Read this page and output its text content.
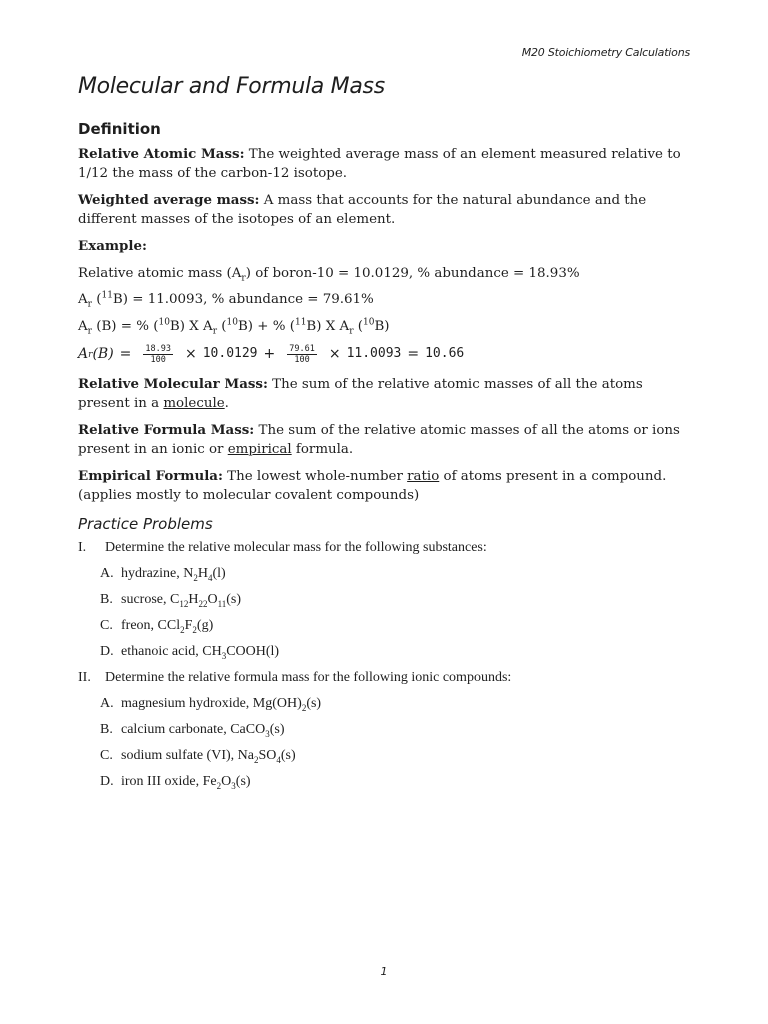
M20 Stoichiometry Calculations
Molecular and Formula Mass
Definition

Relative Atomic Mass: The weighted average mass of an element measured relative to 1/12 the mass of the carbon-12 isotope.

Weighted average mass: A mass that accounts for the natural abundance and the different masses of the isotopes of an element.

Example:

Relative atomic mass $(A_r)$ of boron-10 = 10.0129, % abundance = 18.93%

$A_r$ ($^{11}$B) = 11.0093, % abundance = 79.61%

$A_r$ (B) = % ($^{10}$B) X $A_r$ ($^{10}$B) + % ($^{11}$B) X $A_r$ ($^{10}$B)

A r $(B) = \frac{18.93}{100} \times 10.0129 + \frac{79.61}{100} \times 11.0093 = 10.66$

Relative Molecular Mass: The sum of the relative atomic masses of all the atoms present in a molecule.

Relative Formula Mass: The sum of the relative atomic masses of all the atoms or ions present in an ionic or empirical formula.

Empirical Formula: The lowest whole-number ratio of atoms present in a compound. (applies mostly to molecular covalent compounds)

Practice Problems
I.	Determine the relative molecular mass for the following substances:
A. hydrazine, $N_2H_4(l)$
B. sucrose, $C_{12}H_{22}O_{11}(s)$
C. freon, $CCl_2F_2(g)$
D. ethanoic acid, $CH_3COOH(l)$
II.	Determine the relative formula mass for the following ionic compounds:
A. magnesium hydroxide, $Mg(OH)_2(s)$
B. calcium carbonate, CaCO$_3$(s)
C. sodium sulfate (VI), $Na_2SO_4(s)$
D. iron III oxide, $Fe_2O_3(s)$
1
